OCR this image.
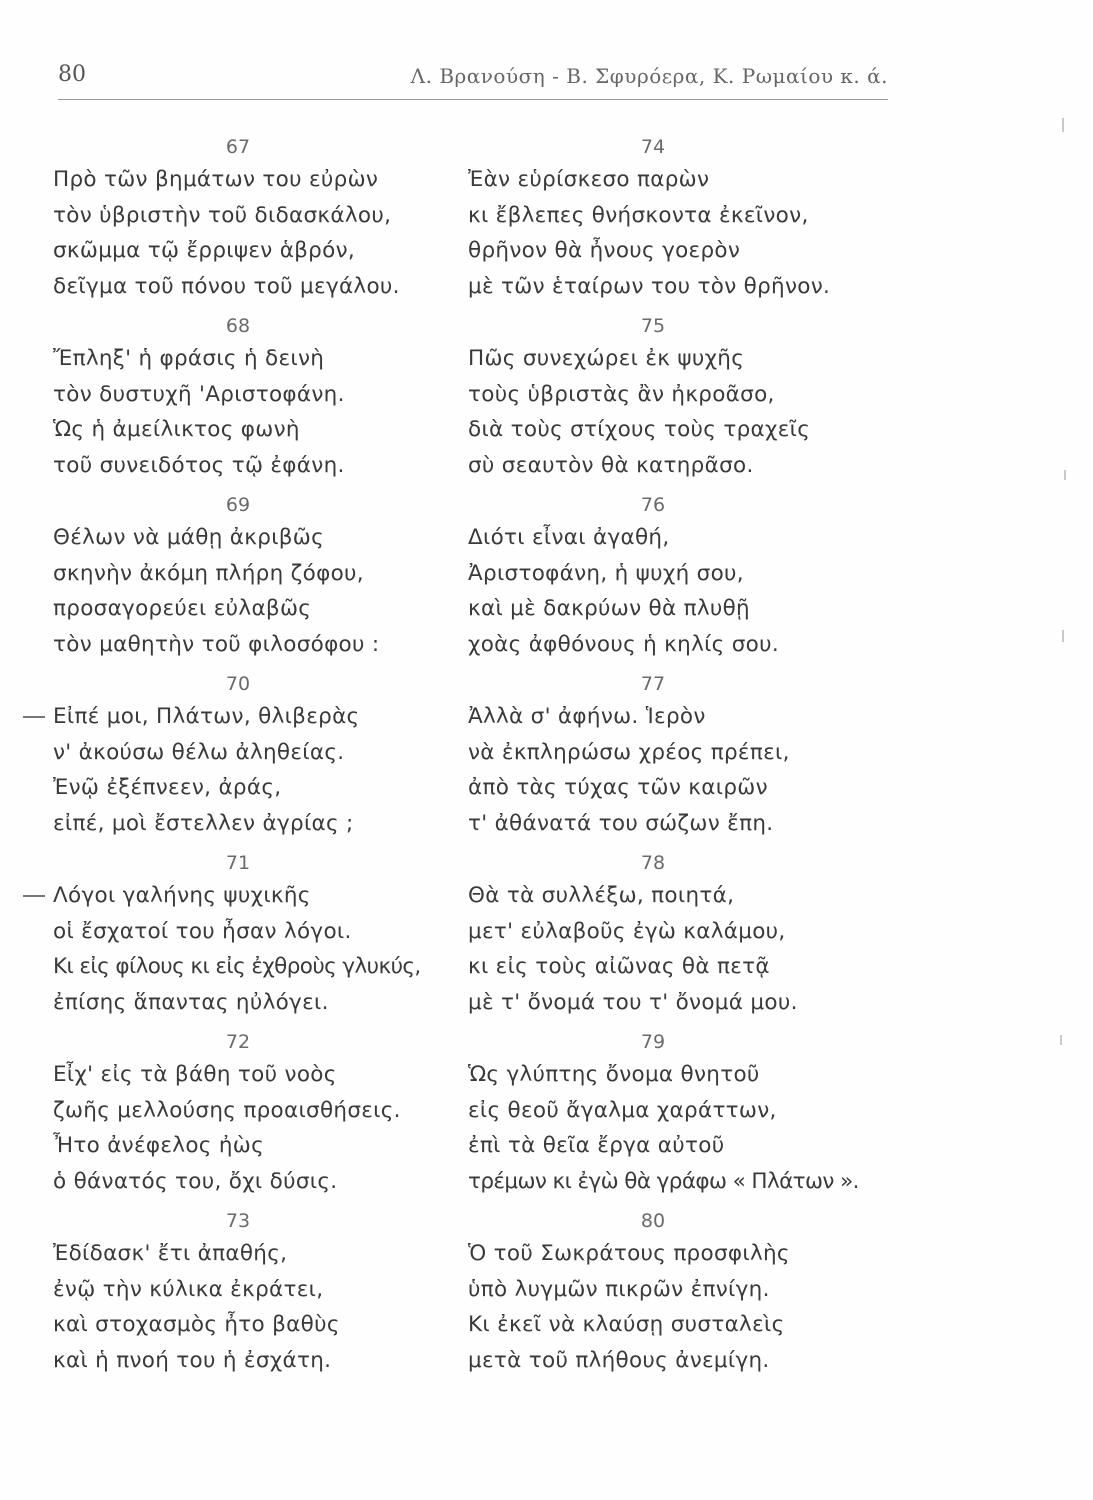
80	Λ. Βρανούση - Β. Σφυρόερα, Κ. Ρωμαίου κ. ά.
67
Πρὸ τῶν βημάτων του εὐρὼν
τὸν ὑβριστὴν τοῦ διδασκάλου,
σκῶμμα τῷ ἔρριψεν ἁβρόν,
δεῖγμα τοῦ πόνου τοῦ μεγάλου.
68
Ἔπληξ' ἡ φράσις ἡ δεινὴ
τὸν δυστυχῆ 'Αριστοφάνη.
Ὡς ἡ ἀμείλικτος φωνὴ
τοῦ συνειδότος τῷ ἐφάνη.
69
Θέλων νὰ μάθῃ ἀκριβῶς
σκηνὴν ἀκόμη πλήρη ζόφου,
προσαγορεύει εὐλαβῶς
τὸν μαθητὴν τοῦ φιλοσόφου :
70
Εἰπέ μοι, Πλάτων, θλιβερὰς
ν' ἀκούσω θέλω ἀληθείας.
Ἐνῷ ἐξέπνεεν, ἀράς,
εἰπέ, μοὶ ἔστελλεν ἀγρίας ;
71
Λόγοι γαλήνης ψυχικῆς
οἱ ἔσχατοί του ἦσαν λόγοι.
Κι εἰς φίλους κι εἰς ἐχθροὺς γλυκύς,
ἐπίσης ἅπαντας ηὐλόγει.
72
Εἶχ' εἰς τὰ βάθη τοῦ νοὸς
ζωῆς μελλούσης προαισθήσεις.
Ἦτο ἀνέφελος ἠὼς
ὁ θάνατός του, ὄχι δύσις.
73
Ἐδίδασκ' ἔτι ἀπαθής,
ἐνῷ τὴν κύλικα ἐκράτει,
καὶ στοχασμὸς ἦτο βαθὺς
καὶ ἡ πνοή του ἡ ἐσχάτη.
74
Ἐὰν εὑρίσκεσο παρὼν
κι ἔβλεπες θνήσκοντα ἐκεῖνον,
θρῆνον θὰ ἦνους γοερὸν
μὲ τῶν ἑταίρων του τὸν θρῆνον.
75
Πῶς συνεχώρει ἐκ ψυχῆς
τοὺς ὑβριστὰς ἂν ἠκροᾶσο,
διὰ τοὺς στίχους τοὺς τραχεῖς
σὺ σεαυτὸν θὰ κατηρᾶσο.
76
Διότι εἶναι ἀγαθή,
Ἀριστοφάνη, ἡ ψυχή σου,
καὶ μὲ δακρύων θὰ πλυθῇ
χοὰς ἀφθόνους ἡ κηλίς σου.
77
Ἀλλὰ σ' ἀφήνω. Ἱερὸν
νὰ ἐκπληρώσω χρέος πρέπει,
ἀπὸ τὰς τύχας τῶν καιρῶν
τ' ἀθάνατά του σώζων ἔπη.
78
Θὰ τὰ συλλέξω, ποιητά,
μετ' εὐλαβοῦς ἐγὼ καλάμου,
κι εἰς τοὺς αἰῶνας θὰ πετᾷ
μὲ τ' ὄνομά του τ' ὄνομά μου.
79
Ὡς γλύπτης ὄνομα θνητοῦ
εἰς θεοῦ ἄγαλμα χαράττων,
ἐπὶ τὰ θεῖα ἔργα αὐτοῦ
τρέμων κι ἐγὼ θὰ γράφω « Πλάτων ».
80
Ὁ τοῦ Σωκράτους προσφιλὴς
ὑπὸ λυγμῶν πικρῶν ἐπνίγη.
Κι ἐκεῖ νὰ κλαύσῃ συσταλεὶς
μετὰ τοῦ πλήθους ἀνεμίγη.
